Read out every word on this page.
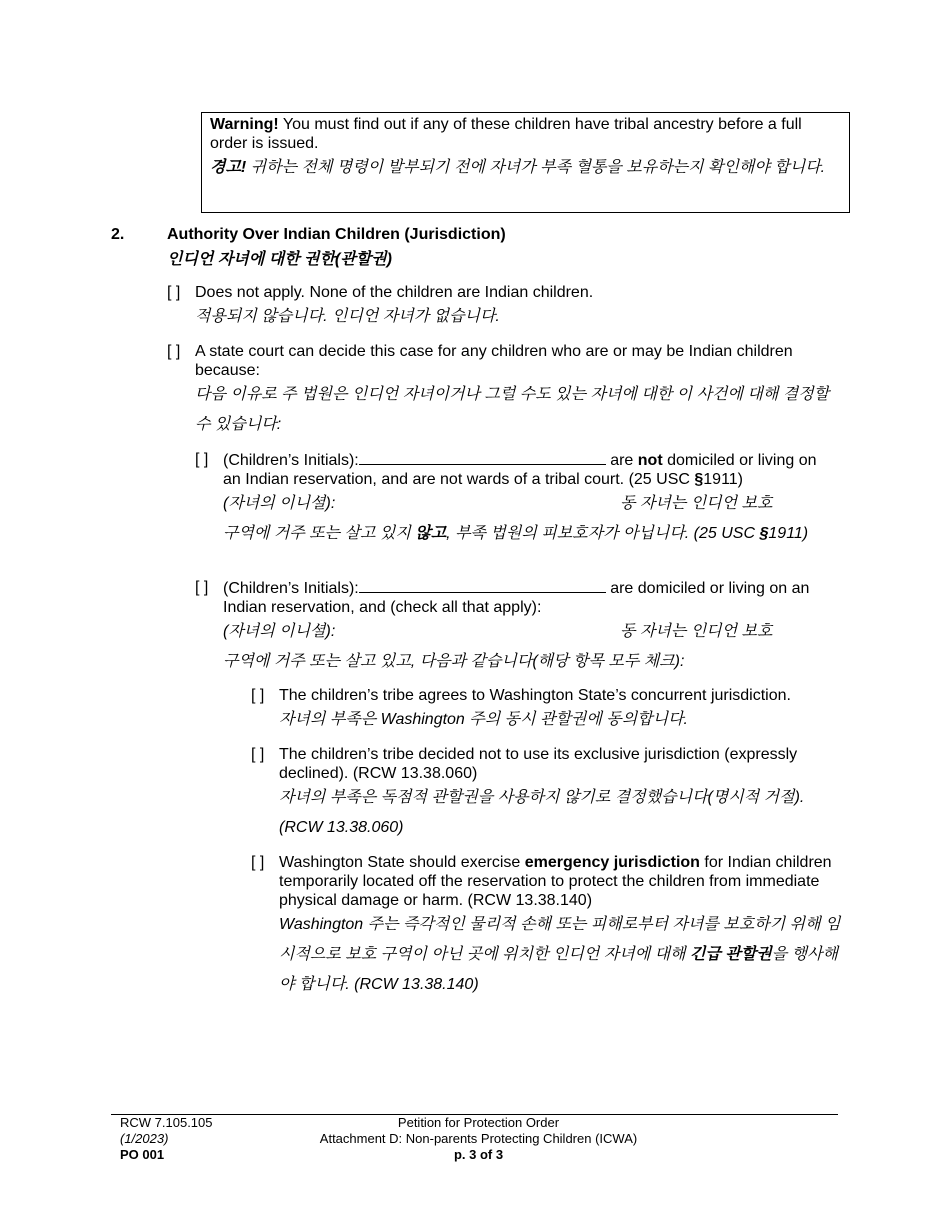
Warning! You must find out if any of these children have tribal ancestry before a full order is issued.
경고! 귀하는 전체 명령이 발부되기 전에 자녀가 부족 혈통을 보유하는지 확인해야 합니다.
2.	Authority Over Indian Children (Jurisdiction)
인디언 자녀에 대한 권한(관할권)
[ ] Does not apply. None of the children are Indian children.
적용되지 않습니다. 인디언 자녀가 없습니다.
[ ] A state court can decide this case for any children who are or may be Indian children because:
다음 이유로 주 법원은 인디언 자녀이거나 그럴 수도 있는 자녀에 대한 이 사건에 대해 결정할 수 있습니다:
[ ] (Children’s Initials):	are not domiciled or living on an Indian reservation, and are not wards of a tribal court. (25 USC §1911)
(자녀의 이니셜):	동 자녀는 인디언 보호
구역에 거주 또는 살고 있지 않고, 부족 법원의 피보호자가 아닙니다. (25 USC §1911)
[ ] (Children’s Initials):	are domiciled or living on an Indian reservation, and (check all that apply):
(자녀의 이니셜):	동 자녀는 인디언 보호
구역에 거주 또는 살고 있고, 다음과 같습니다(해당 항목 모두 체크):
[ ] The children’s tribe agrees to Washington State’s concurrent jurisdiction.
자녀의 부족은 Washington 주의 동시 관할권에 동의합니다.
[ ] The children’s tribe decided not to use its exclusive jurisdiction (expressly declined). (RCW 13.38.060)
자녀의 부족은 독점적 관할권을 사용하지 않기로 결정했습니다(명시적 거절). (RCW 13.38.060)
[ ] Washington State should exercise emergency jurisdiction for Indian children temporarily located off the reservation to protect the children from immediate physical damage or harm. (RCW 13.38.140)
Washington 주는 즉각적인 물리적 손해 또는 피해로부터 자녀를 보호하기 위해 임시적으로 보호 구역이 아닌 곳에 위치한 인디언 자녀에 대해 긴급 관할권을 행사해야 합니다. (RCW 13.38.140)
RCW 7.105.105
(1/2023)
PO 001
Petition for Protection Order
Attachment D: Non-parents Protecting Children (ICWA)
p. 3 of 3
